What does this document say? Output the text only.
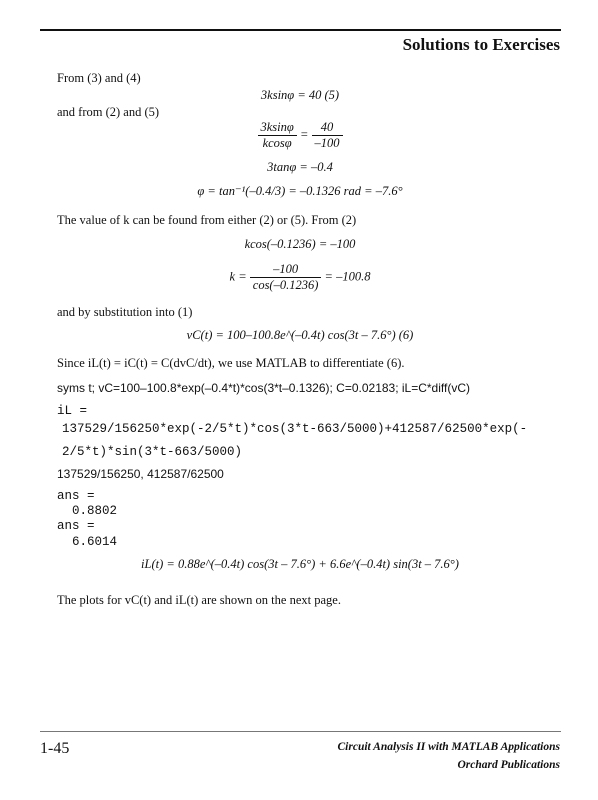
Solutions to Exercises
From (3) and (4)
3ksinφ = 40 (5)
and from (2) and (5)
$\frac{3ksin\varphi}{kcos\varphi} = \frac{40}{-100}$
3tanφ = –0.4
φ = tan⁻¹(–0.4/3) = –0.1326 rad = –7.6°
The value of k can be found from either (2) or (5). From (2)
kcos(–0.1236) = –100
$k = \frac{-100}{\cos(-0.1236)} = -100.8$
and by substitution into (1)
vC(t) = 100–100.8e^(–0.4t) cos(3t – 7.6°) (6)
Since iL(t) = iC(t) = C(dvC/dt), we use MATLAB to differentiate (6).
syms t; vC=100–100.8*exp(–0.4*t)*cos(3*t–0.1326); C=0.02183; iL=C*diff(vC)
iL =
137529/156250*exp(-2/5*t)*cos(3*t-663/5000)+412587/62500*exp(-
2/5*t)*sin(3*t-663/5000)
137529/156250, 412587/62500
ans =
0.8802
ans =
6.6014
iL(t) = 0.88e^(–0.4t) cos(3t – 7.6°) + 6.6e^(–0.4t) sin(3t – 7.6°)
The plots for vC(t) and iL(t) are shown on the next page.
1-45	Circuit Analysis II with MATLAB Applications
Orchard Publications
